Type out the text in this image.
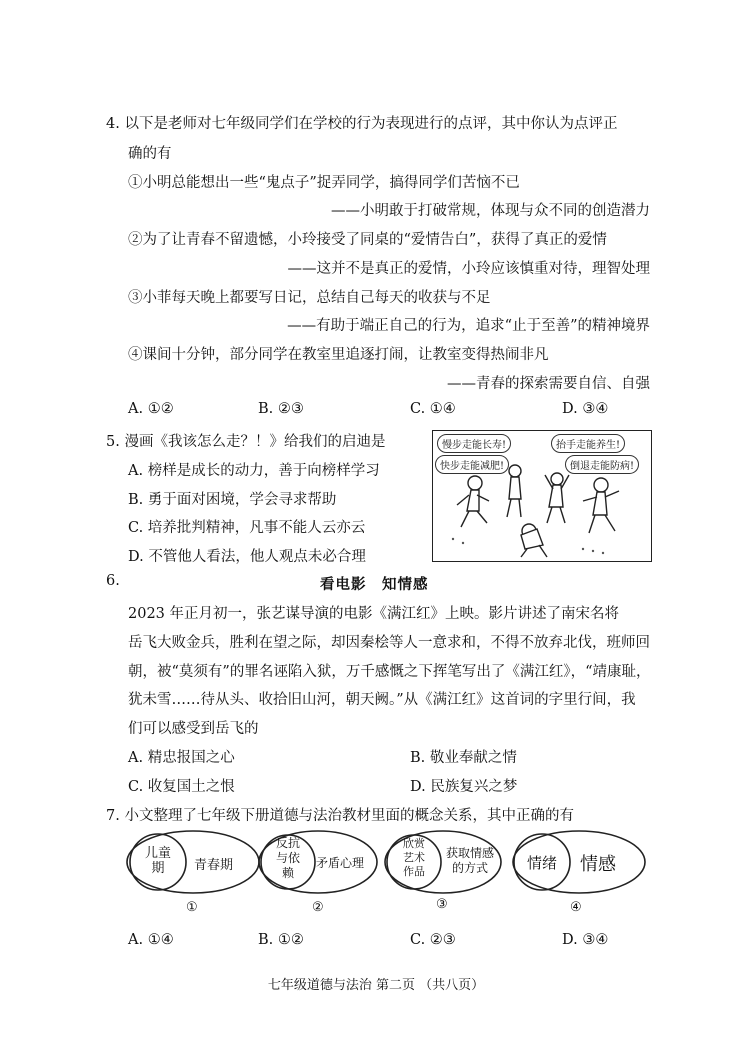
4. 以下是老师对七年级同学们在学校的行为表现进行的点评，其中你认为点评正
确的有
①小明总能想出一些“鬼点子”捉弄同学，搞得同学们苦恼不已
——小明敢于打破常规，体现与众不同的创造潜力
②为了让青春不留遗憾，小玲接受了同桌的“爱情告白”，获得了真正的爱情
——这并不是真正的爱情，小玲应该慎重对待，理智处理
③小菲每天晚上都要写日记，总结自己每天的收获与不足
——有助于端正自己的行为，追求“止于至善”的精神境界
④课间十分钟，部分同学在教室里追逐打闹，让教室变得热闹非凡
——青春的探索需要自信、自强
A. ①②	B. ②③	C. ①④	D. ③④
5. 漫画《我该怎么走？！》给我们的启迪是
A. 榜样是成长的动力，善于向榜样学习
B. 勇于面对困境，学会寻求帮助
C. 培养批判精神，凡事不能人云亦云
D. 不管他人看法，他人观点未必合理
慢步走能长寿!
快步走能减肥!
抬手走能养生!
倒退走能防病!
6.	看电影　知情感
2023 年正月初一，张艺谋导演的电影《满江红》上映。影片讲述了南宋名将
岳飞大败金兵，胜利在望之际，却因秦桧等人一意求和，不得不放弃北伐，班师回
朝，被“莫须有”的罪名诬陷入狱，万千感慨之下挥笔写出了《满江红》，“靖康耻，
犹未雪……待从头、收拾旧山河，朝天阙。”从《满江红》这首词的字里行间，我
们可以感受到岳飞的
A. 精忠报国之心	B. 敬业奉献之情
C. 收复国土之恨	D. 民族复兴之梦
7. 小文整理了七年级下册道德与法治教材里面的概念关系，其中正确的有
儿童
期	青春期
①
反抗
与依
赖
矛盾心理
②
欣赏
艺术
作品
获取情感
的方式
③
情绪 情感
④
A. ①④	B. ①②	C. ②③	D. ③④
七年级道德与法治 第二页 （共八页）
